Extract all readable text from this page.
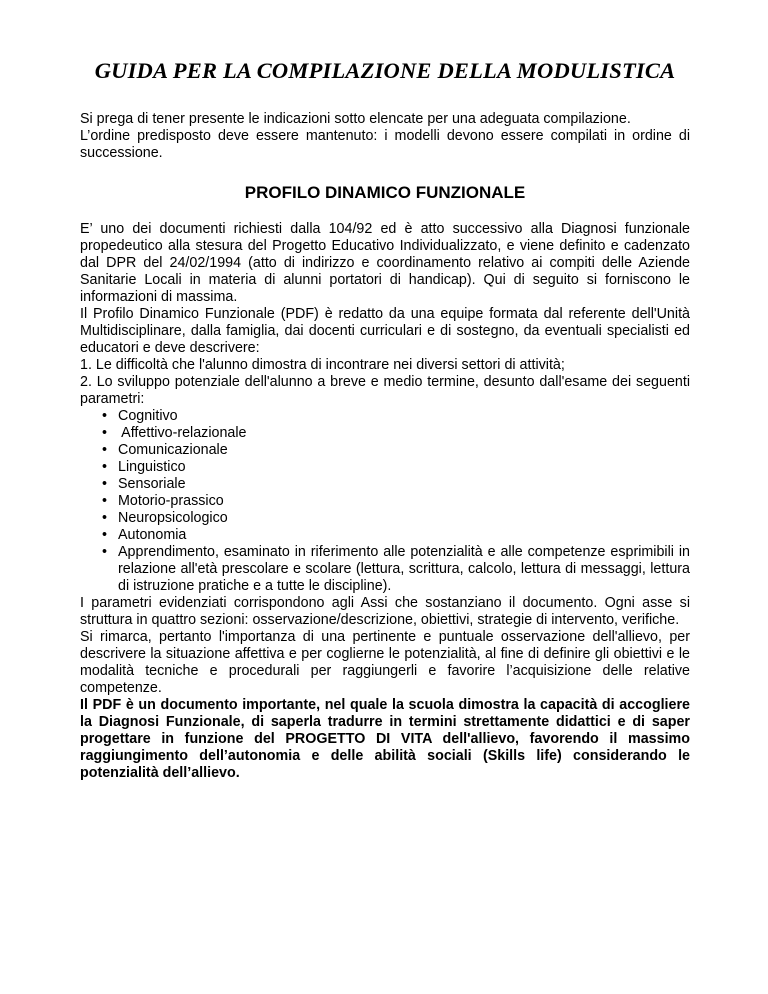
GUIDA PER LA COMPILAZIONE DELLA MODULISTICA

Si prega di tener presente le indicazioni sotto elencate per una adeguata compilazione.

L’ordine predisposto deve essere mantenuto: i modelli devono essere compilati in ordine di successione.

PROFILO DINAMICO FUNZIONALE

E’ uno dei documenti richiesti dalla 104/92 ed è atto successivo alla Diagnosi funzionale propedeutico alla stesura del Progetto Educativo Individualizzato, e viene definito e cadenzato dal DPR del 24/02/1994 (atto di indirizzo e coordinamento relativo ai compiti delle Aziende Sanitarie Locali in materia di alunni portatori di handicap). Qui di seguito si forniscono le informazioni di massima.

Il Profilo Dinamico Funzionale (PDF) è redatto da una equipe formata dal referente dell'Unità Multidisciplinare, dalla famiglia, dai docenti curriculari e di sostegno, da eventuali specialisti ed educatori e deve descrivere:

1. Le difficoltà che l'alunno dimostra di incontrare nei diversi settori di attività;

2. Lo sviluppo potenziale dell'alunno a breve e medio termine, desunto dall'esame dei seguenti parametri:

• Cognitivo
• Affettivo-relazionale
• Comunicazionale
• Linguistico
• Sensoriale
• Motorio-prassico
• Neuropsicologico
• Autonomia
• Apprendimento, esaminato in riferimento alle potenzialità e alle competenze esprimibili in relazione all'età prescolare e scolare (lettura, scrittura, calcolo, lettura di messaggi, lettura di istruzione pratiche e a tutte le discipline).

I parametri evidenziati corrispondono agli Assi che sostanziano il documento. Ogni asse si struttura in quattro sezioni: osservazione/descrizione, obiettivi, strategie di intervento, verifiche.

Si rimarca, pertanto l'importanza di una pertinente e puntuale osservazione dell'allievo, per descrivere la situazione affettiva e per coglierne le potenzialità, al fine di definire gli obiettivi e le modalità tecniche e procedurali per raggiungerli e favorire l’acquisizione delle relative competenze.

Il PDF è un documento importante, nel quale la scuola dimostra la capacità di accogliere la Diagnosi Funzionale, di saperla tradurre in termini strettamente didattici e di saper progettare in funzione del PROGETTO DI VITA dell'allievo, favorendo il massimo raggiungimento dell’autonomia e delle abilità sociali (Skills life) considerando le potenzialità dell’allievo.
